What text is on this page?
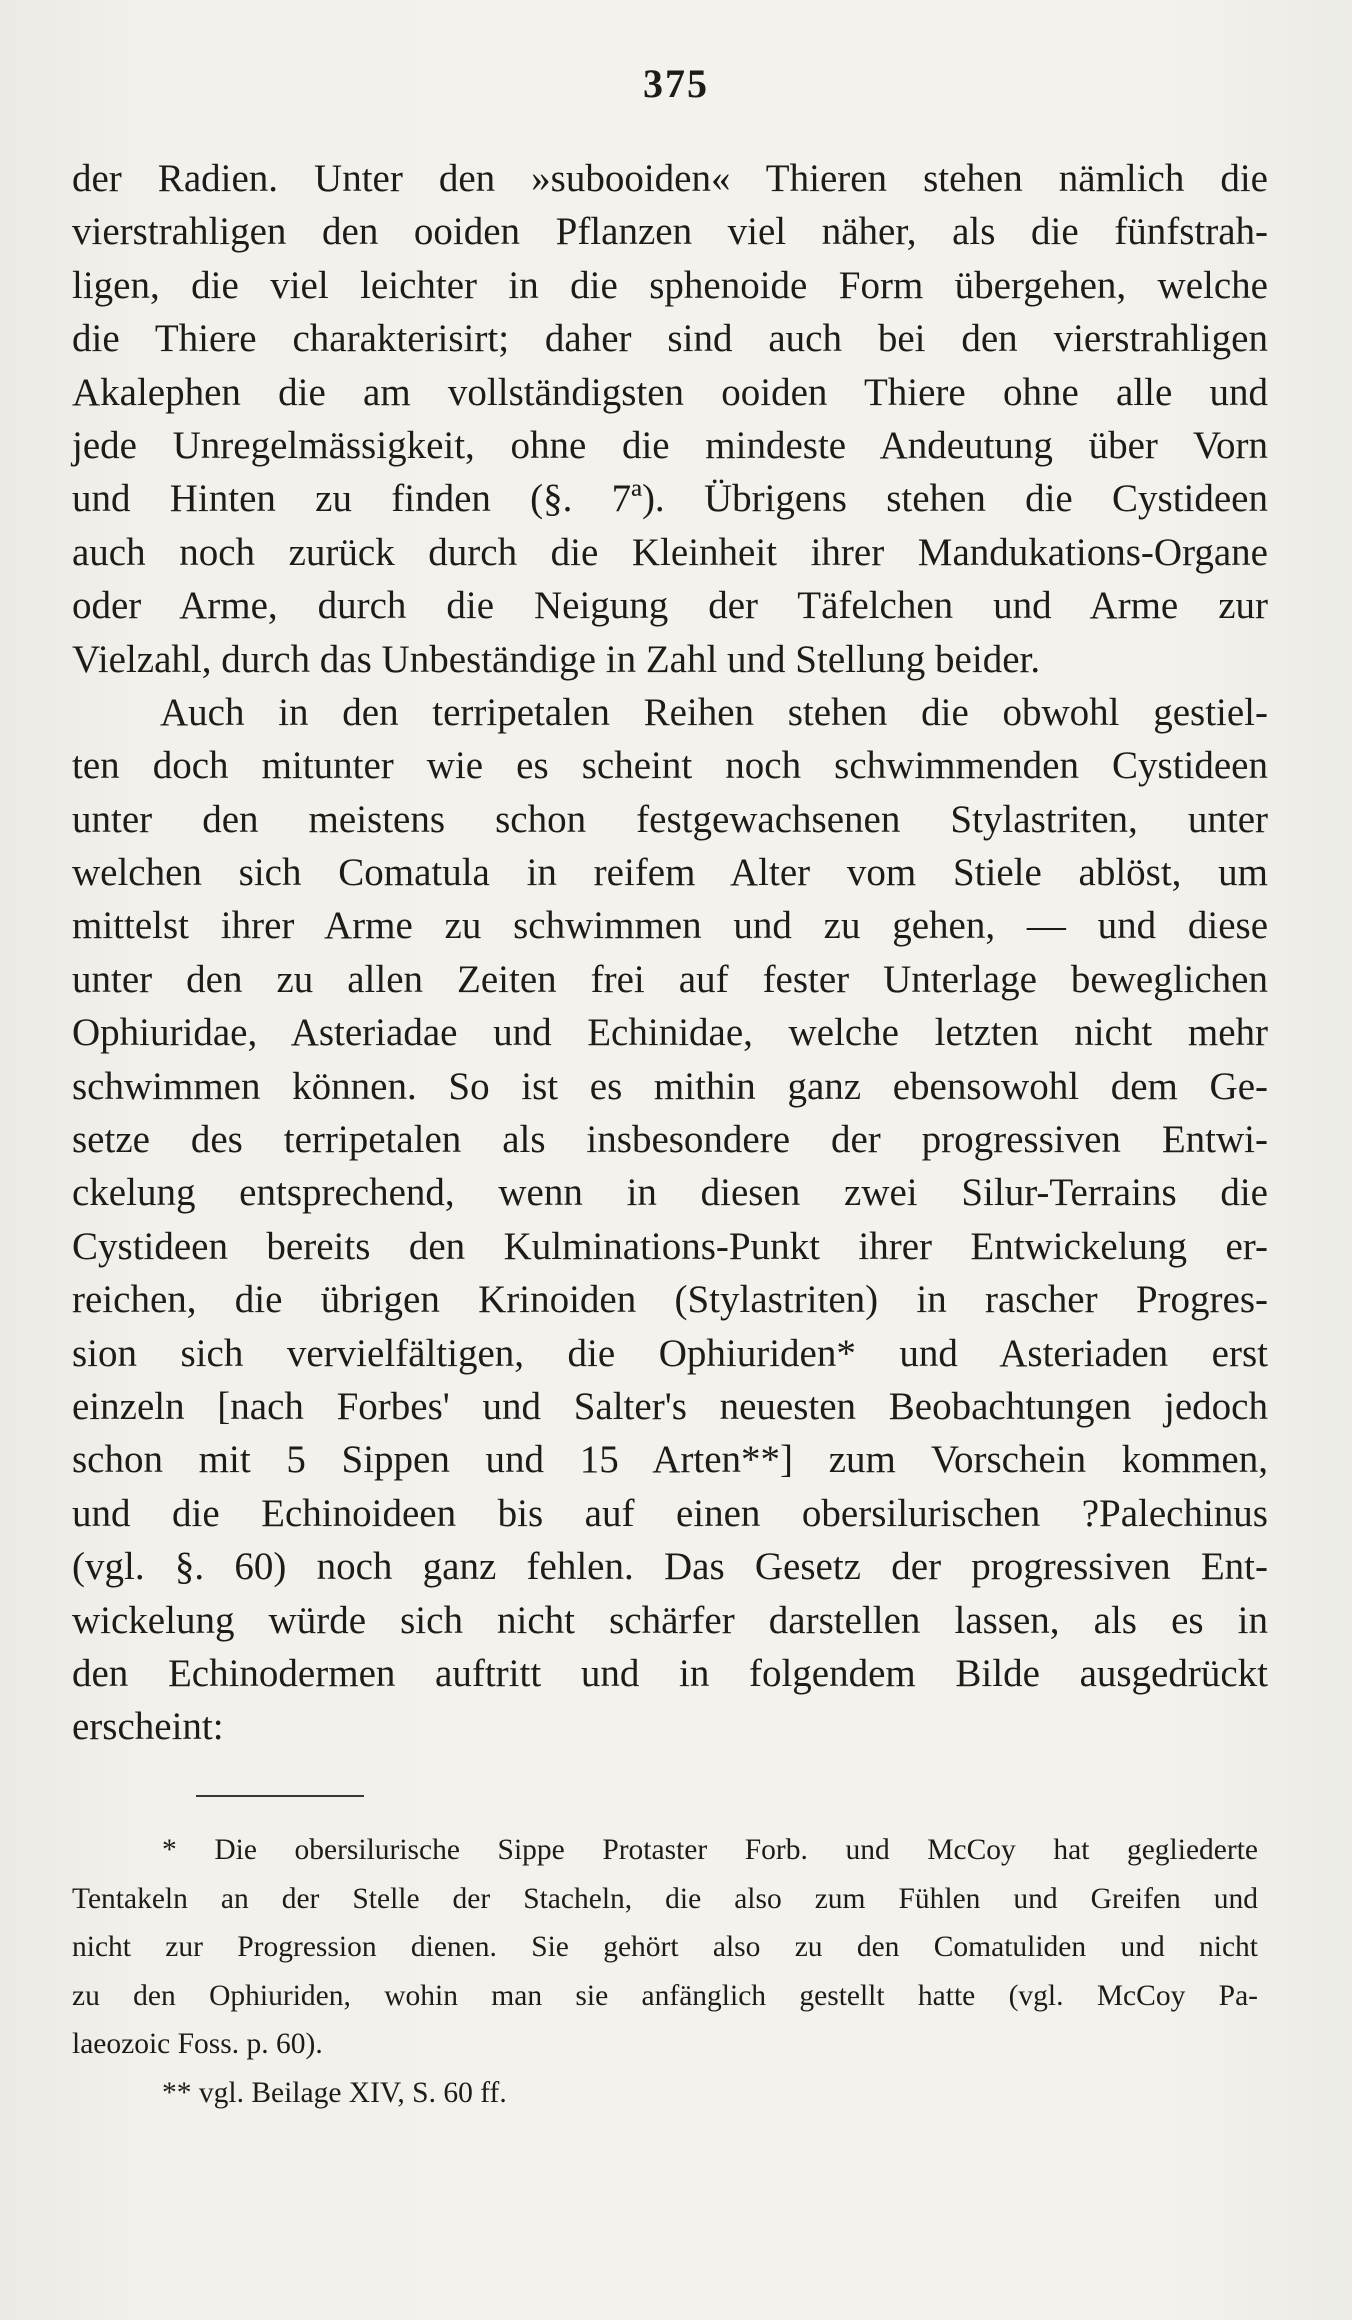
375
der Radien. Unter den »subooiden« Thieren stehen nämlich die
vierstrahligen den ooiden Pflanzen viel näher, als die fünfstrah-
ligen, die viel leichter in die sphenoide Form übergehen, welche
die Thiere charakterisirt; daher sind auch bei den vierstrahligen
Akalephen die am vollständigsten ooiden Thiere ohne alle und
jede Unregelmässigkeit, ohne die mindeste Andeutung über Vorn
und Hinten zu finden (§. 7ª). Übrigens stehen die Cystideen
auch noch zurück durch die Kleinheit ihrer Mandukations-Organe
oder Arme, durch die Neigung der Täfelchen und Arme zur
Vielzahl, durch das Unbeständige in Zahl und Stellung beider.
Auch in den terripetalen Reihen stehen die obwohl gestiel-
ten doch mitunter wie es scheint noch schwimmenden Cystideen
unter den meistens schon festgewachsenen Stylastriten, unter
welchen sich Comatula in reifem Alter vom Stiele ablöst, um
mittelst ihrer Arme zu schwimmen und zu gehen, — und diese
unter den zu allen Zeiten frei auf fester Unterlage beweglichen
Ophiuridae, Asteriadae und Echinidae, welche letzten nicht mehr
schwimmen können. So ist es mithin ganz ebensowohl dem Ge-
setze des terripetalen als insbesondere der progressiven Entwi-
ckelung entsprechend, wenn in diesen zwei Silur-Terrains die
Cystideen bereits den Kulminations-Punkt ihrer Entwickelung er-
reichen, die übrigen Krinoiden (Stylastriten) in rascher Progres-
sion sich vervielfältigen, die Ophiuriden* und Asteriaden erst
einzeln [nach Forbes' und Salter's neuesten Beobachtungen jedoch
schon mit 5 Sippen und 15 Arten**] zum Vorschein kommen,
und die Echinoideen bis auf einen obersilurischen ?Palechinus
(vgl. §. 60) noch ganz fehlen. Das Gesetz der progressiven Ent-
wickelung würde sich nicht schärfer darstellen lassen, als es in
den Echinodermen auftritt und in folgendem Bilde ausgedrückt
erscheint:
* Die obersilurische Sippe Protaster Forb. und McCoy hat gegliederte
Tentakeln an der Stelle der Stacheln, die also zum Fühlen und Greifen und
nicht zur Progression dienen. Sie gehört also zu den Comatuliden und nicht
zu den Ophiuriden, wohin man sie anfänglich gestellt hatte (vgl. McCoy Pa-
laeozoic Foss. p. 60).
** vgl. Beilage XIV, S. 60 ff.
